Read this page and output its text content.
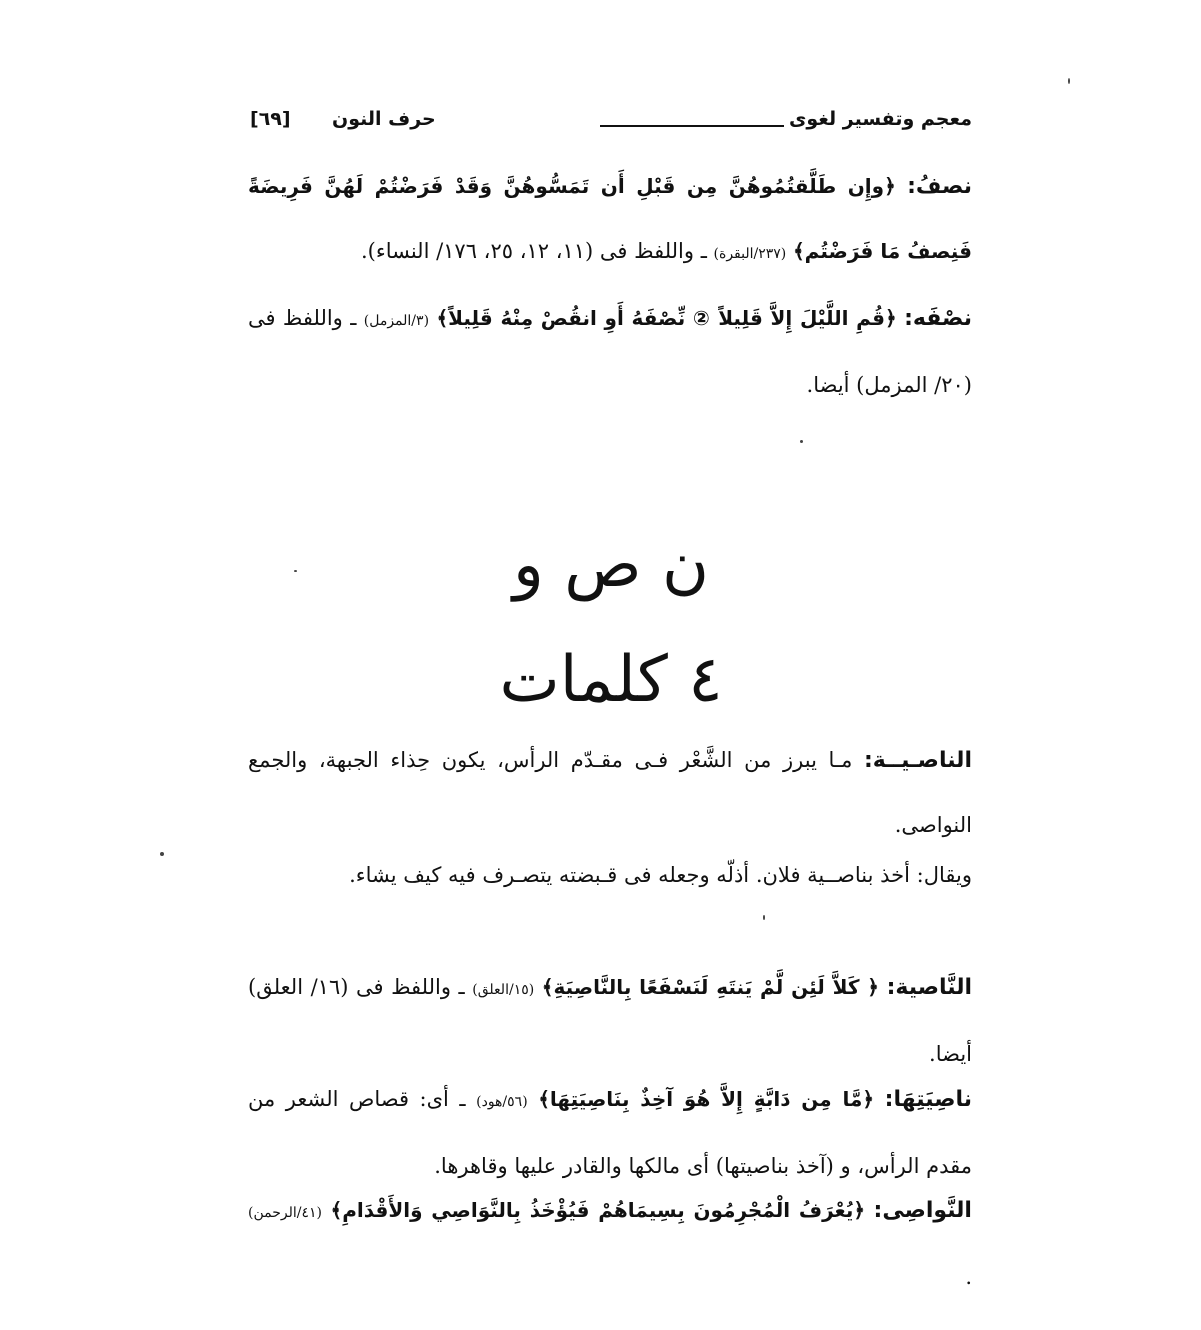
معجم وتفسير لغوى
حرف النون
[٦٩]
نصفُ: ﴿وإِن طَلَّقتُمُوهُنَّ مِن قَبْلِ أَن تَمَسُّوهُنَّ وَقَدْ فَرَضْتُمْ لَهُنَّ فَرِيضَةً فَنِصفُ مَا فَرَضْتُم﴾ (٢٣٧/البقرة) ـ واللفظ فى (١١، ١٢، ٢٥، ١٧٦/ النساء).
نصْفَه: ﴿قُمِ اللَّيْلَ إِلاَّ قَلِيلاً ② نِّصْفَهُ أَوِ انقُصْ مِنْهُ قَلِيلاً﴾ (٣/المزمل) ـ واللفظ فى (٢٠/ المزمل) أيضا.
ن ص و
٤ كلمات
الناصـيــة: مـا يبرز من الشَّعْر فـى مقـدّم الرأس، يكون حِذاء الجبهة، والجمع النواصى.
ويقال: أخذ بناصــية فلان. أذلّه وجعله فى قـبضته يتصـرف فيه كيف يشاء.
النَّاصية: ﴿ كَلاَّ لَئِن لَّمْ يَنتَهِ لَنَسْفَعًا بِالنَّاصِيَةِ﴾ (١٥/العلق) ـ واللفظ فى (١٦/ العلق) أيضا.
ناصِيَتِهَا: ﴿مَّا مِن دَابَّةٍ إِلاَّ هُوَ آخِذٌ بِنَاصِيَتِهَا﴾ (٥٦/هود) ـ أى: قصاص الشعر من مقدم الرأس، و (آخذ بناصيتها) أى مالكها والقادر عليها وقاهرها.
النَّواصِى: ﴿يُعْرَفُ الْمُجْرِمُونَ بِسِيمَاهُمْ فَيُؤْخَذُ بِالنَّوَاصِي وَالأَقْدَامِ﴾ (٤١/الرحمن) .
